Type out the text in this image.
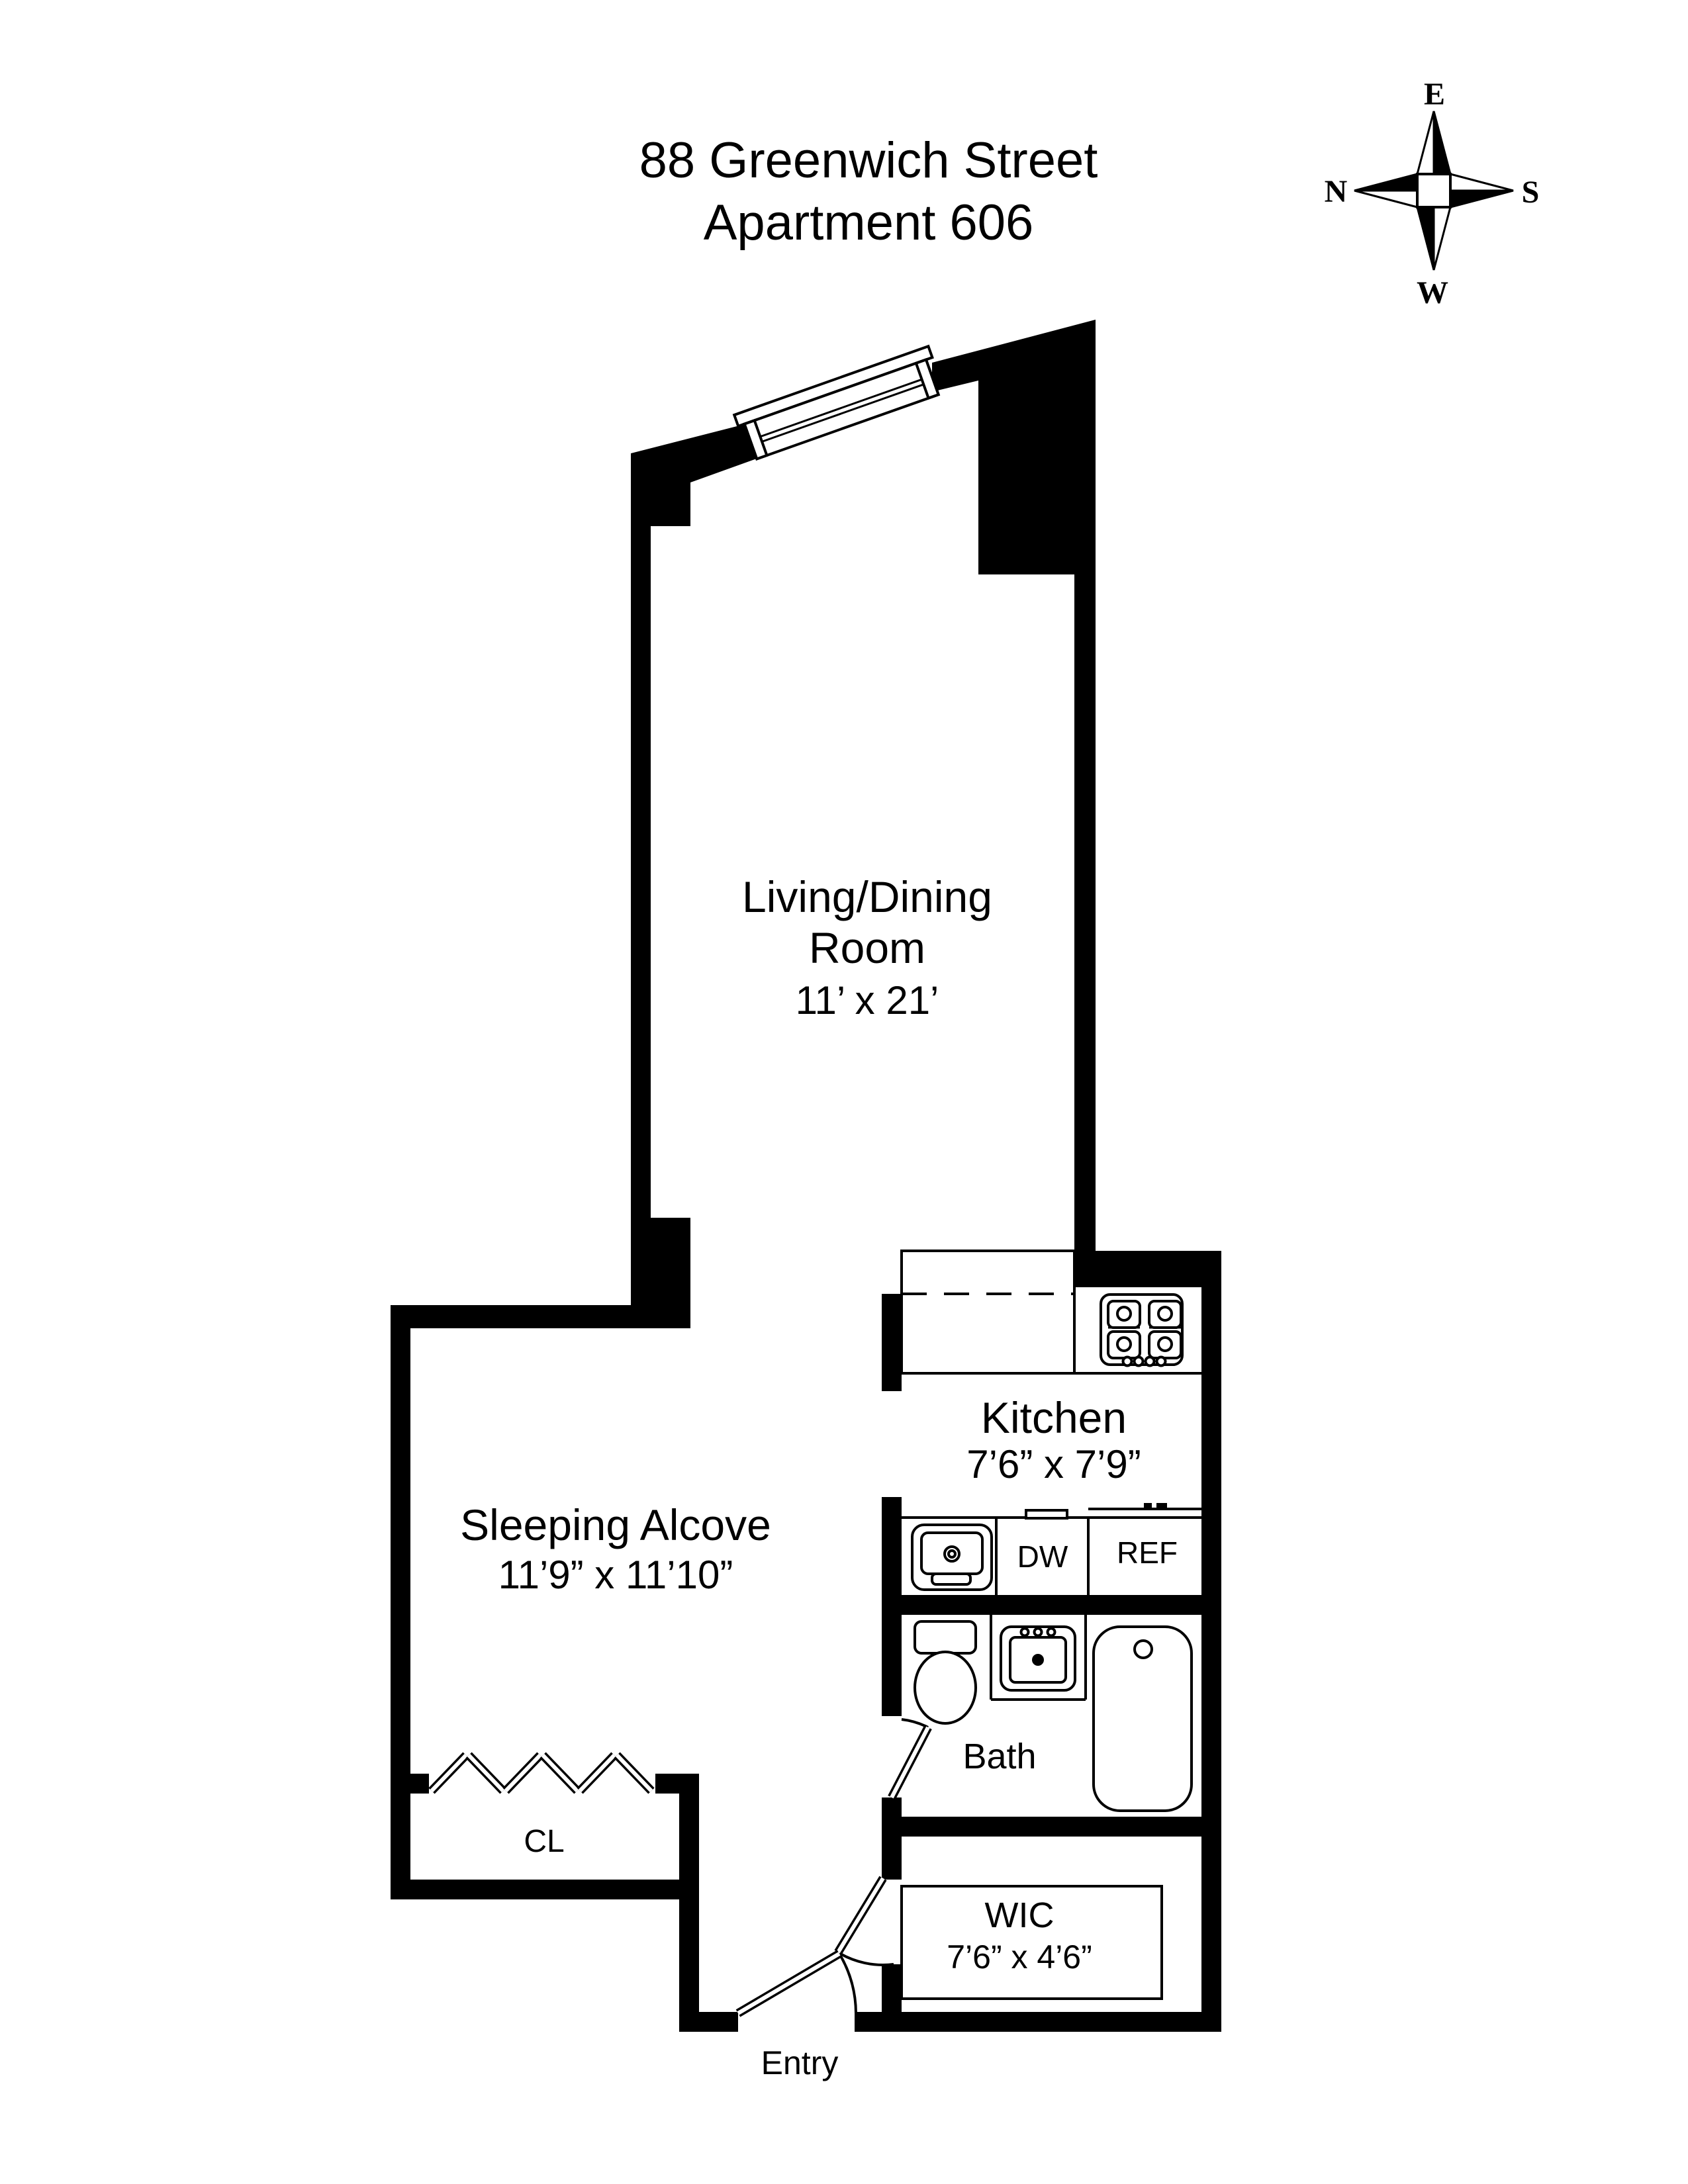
88 Greenwich Street
Apartment 606
E
N	S
W
Living/Dining
Room
11’ x 21’
Sleeping Alcove
11’9” x 11’10”
Kitchen
7’6” x 7’9”
DW REF
Bath
WIC
7’6” x 4’6”
CL
Entry
